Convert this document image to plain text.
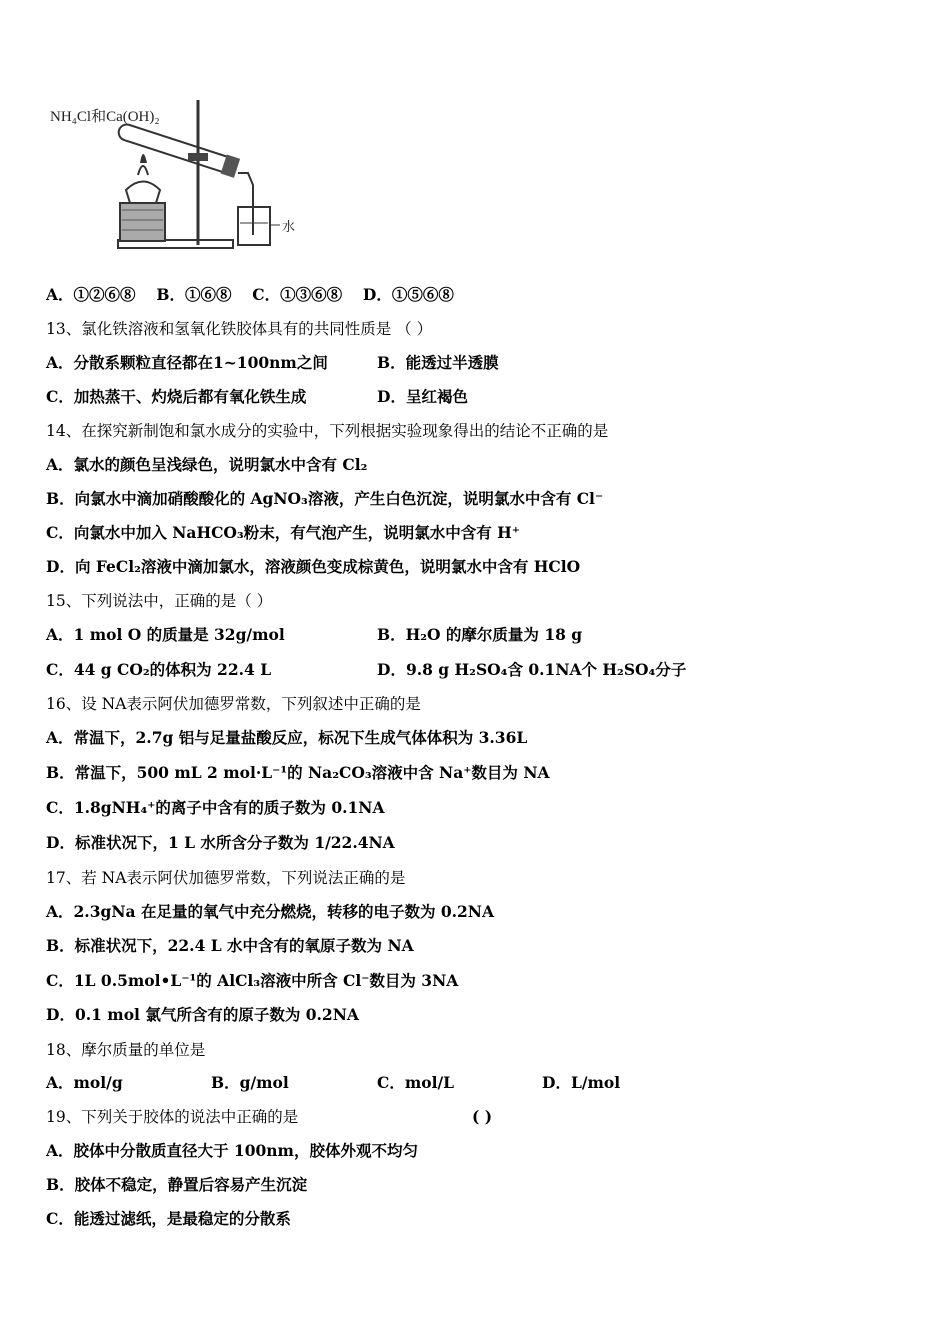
NH₄Cl和Ca(OH)₂
水
A．①②⑥⑧ B．①⑥⑧ C．①③⑥⑧ D．①⑤⑥⑧
13、氯化铁溶液和氢氧化铁胶体具有的共同性质是 （ ）
A．分散系颗粒直径都在1~100nm之间	B．能透过半透膜
C．加热蒸干、灼烧后都有氧化铁生成	D．呈红褐色
14、在探究新制饱和氯水成分的实验中，下列根据实验现象得出的结论不正确的是
A．氯水的颜色呈浅绿色，说明氯水中含有 Cl₂
B．向氯水中滴加硝酸酸化的 AgNO₃溶液，产生白色沉淀，说明氯水中含有 Cl⁻
C．向氯水中加入 NaHCO₃粉末，有气泡产生，说明氯水中含有 H⁺
D．向 FeCl₂溶液中滴加氯水，溶液颜色变成棕黄色，说明氯水中含有 HClO
15、下列说法中，正确的是（ ）
A．1 mol O 的质量是 32g/mol	B．H₂O 的摩尔质量为 18 g
C．44 g CO₂的体积为 22.4 L	D．9.8 g H₂SO₄含 0.1NA个 H₂SO₄分子
16、设 NA表示阿伏加德罗常数，下列叙述中正确的是
A．常温下，2.7g 铝与足量盐酸反应，标况下生成气体体积为 3.36L
B．常温下，500 mL 2 mol·L⁻¹的 Na₂CO₃溶液中含 Na⁺数目为 NA
C．1.8gNH₄⁺的离子中含有的质子数为 0.1NA
D．标准状况下，1 L 水所含分子数为 1/22.4NA
17、若 NA表示阿伏加德罗常数，下列说法正确的是
A．2.3gNa 在足量的氧气中充分燃烧，转移的电子数为 0.2NA
B．标准状况下，22.4 L 水中含有的氧原子数为 NA
C．1L 0.5mol•L⁻¹的 AlCl₃溶液中所含 Cl⁻数目为 3NA
D．0.1 mol 氯气所含有的原子数为 0.2NA
18、摩尔质量的单位是
A．mol/g	B．g/mol	C．mol/L	D．L/mol
19、下列关于胶体的说法中正确的是	( )
A．胶体中分散质直径大于 100nm，胶体外观不均匀
B．胶体不稳定，静置后容易产生沉淀
C．能透过滤纸，是最稳定的分散系
